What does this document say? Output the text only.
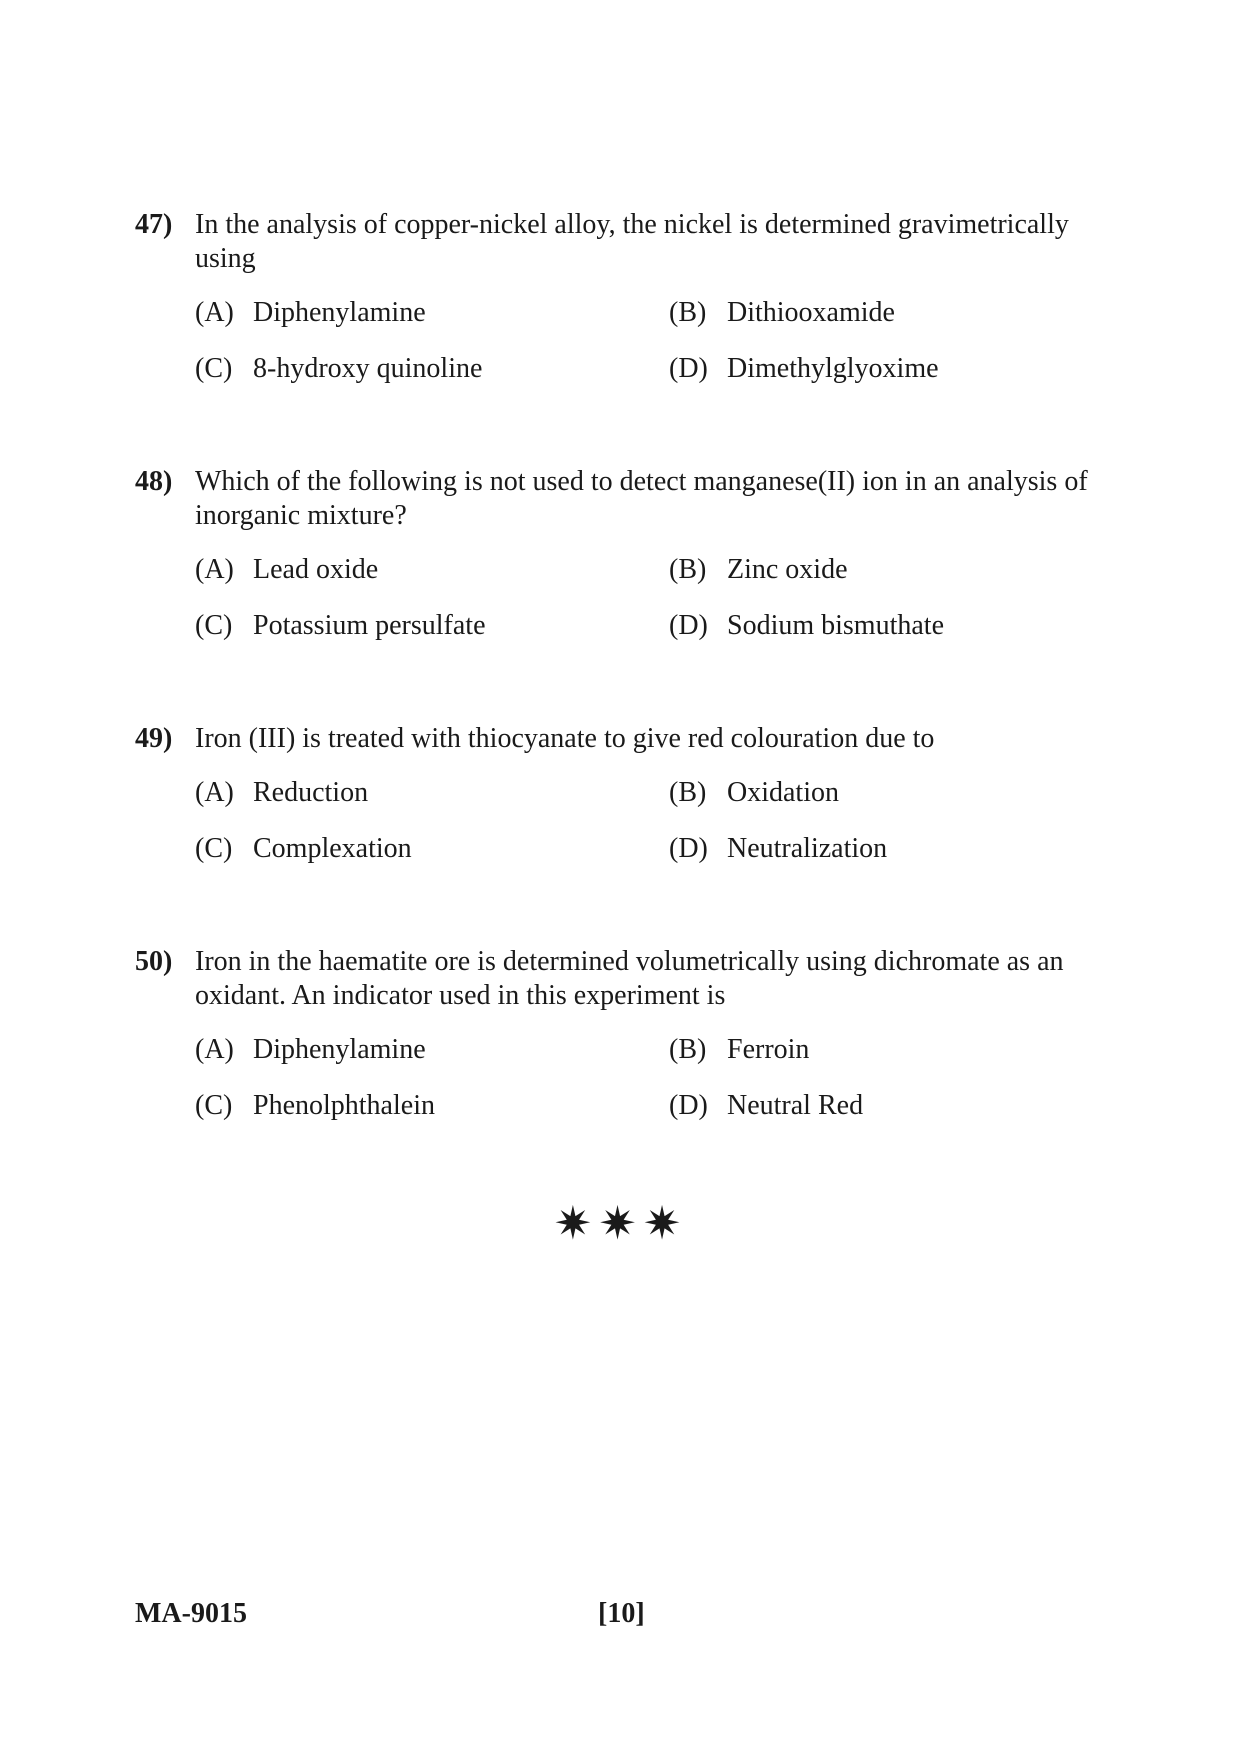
47) In the analysis of copper-nickel alloy, the nickel is determined gravimetrically using
(A) Diphenylamine	(B) Dithiooxamide
(C) 8-hydroxy quinoline	(D) Dimethylglyoxime
48) Which of the following is not used to detect manganese(II) ion in an analysis of inorganic mixture?
(A) Lead oxide	(B) Zinc oxide
(C) Potassium persulfate	(D) Sodium bismuthate
49) Iron (III) is treated with thiocyanate to give red colouration due to
(A) Reduction	(B) Oxidation
(C) Complexation	(D) Neutralization
50) Iron in the haematite ore is determined volumetrically using dichromate as an oxidant. An indicator used in this experiment is
(A) Diphenylamine	(B) Ferroin
(C) Phenolphthalein	(D) Neutral Red
✷✷✷
MA-9015	[10]
